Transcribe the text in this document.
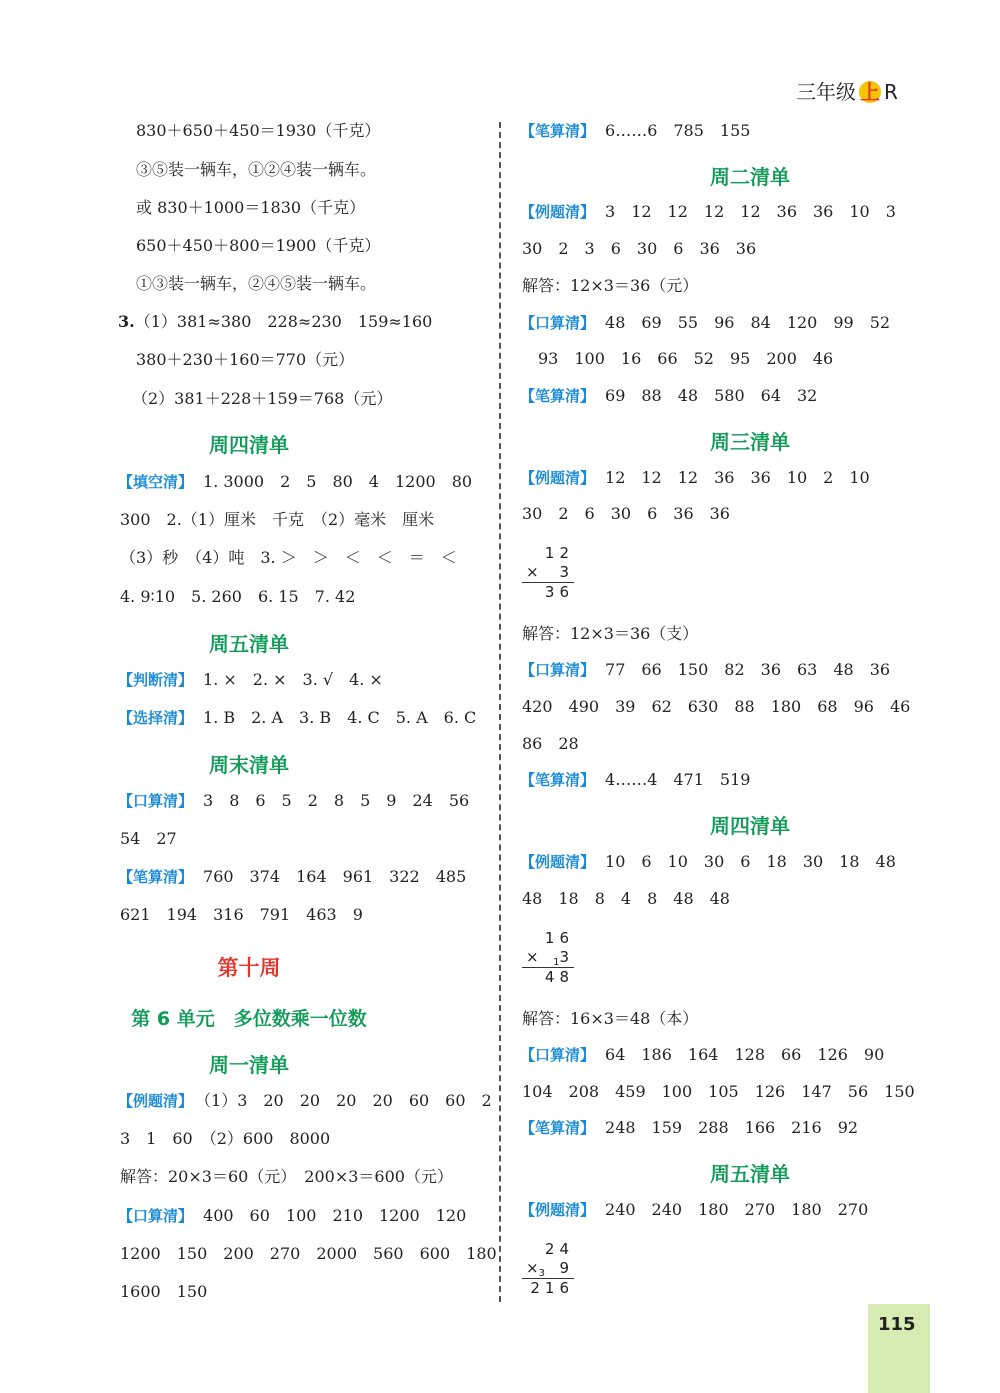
三年级 上 R
830＋650＋450＝1930（千克）
③⑤装一辆车，①②④装一辆车。
或 830＋1000＝1830（千克）
650＋450＋800＝1900（千克）
①③装一辆车，②④⑤装一辆车。
3.（1）381≈380　228≈230　159≈160
380＋230＋160＝770（元）
（2）381＋228＋159＝768（元）
周四清单
【填空清】 1. 3000　2　5　80　4　1200　80
300　2.（1）厘米　千克　（2）毫米　厘米
（3）秒　（4）吨　3. ＞　＞　＜　＜　＝　＜
4. 9∶10　5. 260　6. 15　7. 42
周五清单
【判断清】 1. ×　2. ×　3. √　4. ×
【选择清】 1. B　2. A　3. B　4. C　5. A　6. C
周末清单
【口算清】 3　8　6　5　2　8　5　9　24　56
54　27
【笔算清】 760　374　164　961　322　485
621　194　316　791　463　9
第十周
第 6 单元　多位数乘一位数
周一清单
【例题清】 （1）3　20　20　20　20　60　60　2
3　1　60　（2）600　8000
解答：20×3＝60（元）　200×3＝600（元）
【口算清】 400　60　100　210　1200　120
1200　150　200　270　2000　560　600　180
1600　150
【笔算清】 6……6　785　155
周二清单
【例题清】 3　12　12　12　12　36　36　10　3
30　2　3　6　30　6　36　36
解答：12×3＝36（元）
【口算清】 48　69　55　96　84　120　99　52
93　100　16　66　52　95　200　46
【笔算清】 69　88　48　580　64　32
周三清单
【例题清】 12　12　12　36　36　10　2　10
30　2　6　30　6　36　36
12
× 3
36
解答：12×3＝36（支）
【口算清】 77　66　150　82　36　63　48　36
420　490　39　62　630　88　180　68　96　46
86　28
【笔算清】 4……4　471　519
周四清单
【例题清】 10　6　10　30　6　18　30　18　48
48　18　8　4　8　48　48
16
× $_1$3
48
解答：16×3＝48（本）
【口算清】 64　186　164　128　66　126　90
104　208　459　100　105　126　147　56　150
【笔算清】 248　159　288　166　216　92
周五清单
【例题清】 240　240　180　270　180　270
24
$\times_3$ 9
216
115
